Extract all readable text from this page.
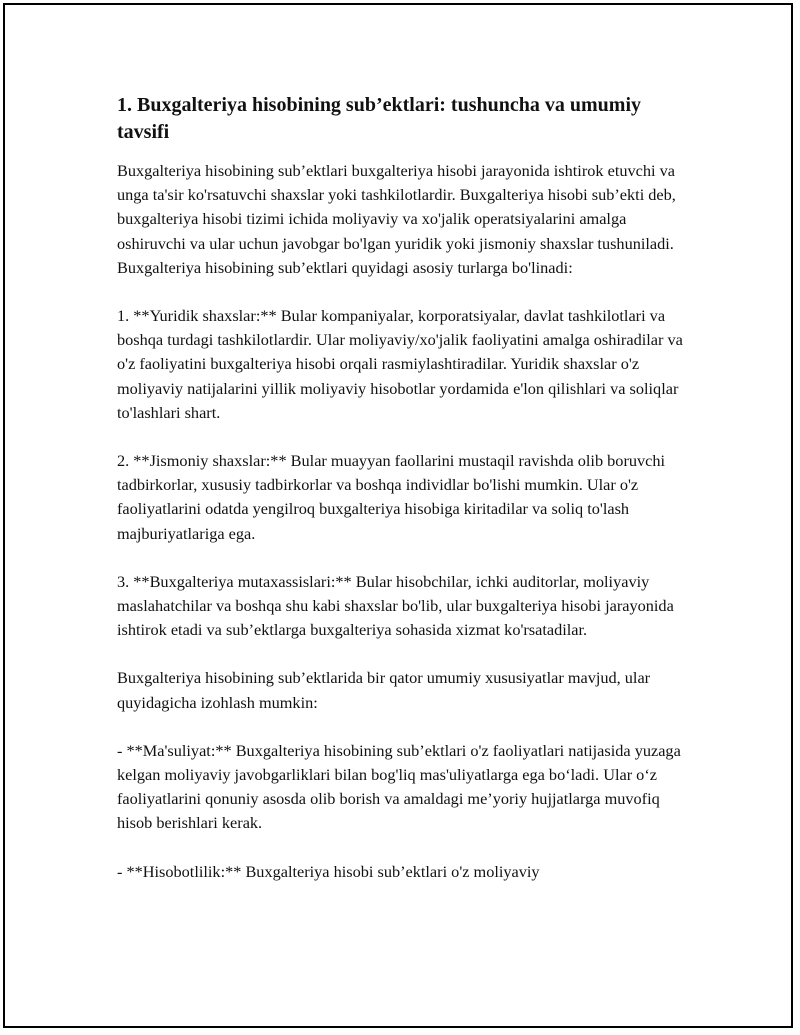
1. Buxgalteriya hisobining sub’ektlari: tushuncha va umumiy tavsifi

Buxgalteriya hisobining sub’ektlari buxgalteriya hisobi jarayonida ishtirok etuvchi va unga ta'sir ko'rsatuvchi shaxslar yoki tashkilotlardir. Buxgalteriya hisobi sub’ekti deb, buxgalteriya hisobi tizimi ichida moliyaviy va xo'jalik operatsiyalarini amalga oshiruvchi va ular uchun javobgar bo'lgan yuridik yoki jismoniy shaxslar tushuniladi. Buxgalteriya hisobining sub’ektlari quyidagi asosiy turlarga bo'linadi:

1. **Yuridik shaxslar:** Bular kompaniyalar, korporatsiyalar, davlat tashkilotlari va boshqa turdagi tashkilotlardir. Ular moliyaviy/xo'jalik faoliyatini amalga oshiradilar va o'z faoliyatini buxgalteriya hisobi orqali rasmiylashtiradilar. Yuridik shaxslar o'z moliyaviy natijalarini yillik moliyaviy hisobotlar yordamida e'lon qilishlari va soliqlar to'lashlari shart.

2. **Jismoniy shaxslar:** Bular muayyan faollarini mustaqil ravishda olib boruvchi tadbirkorlar, xususiy tadbirkorlar va boshqa individlar bo'lishi mumkin. Ular o'z faoliyatlarini odatda yengilroq buxgalteriya hisobiga kiritadilar va soliq to'lash majburiyatlariga ega.

3. **Buxgalteriya mutaxassislari:** Bular hisobchilar, ichki auditorlar, moliyaviy maslahatchilar va boshqa shu kabi shaxslar bo'lib, ular buxgalteriya hisobi jarayonida ishtirok etadi va sub’ektlarga buxgalteriya sohasida xizmat ko'rsatadilar.

Buxgalteriya hisobining sub’ektlarida bir qator umumiy xususiyatlar mavjud, ular quyidagicha izohlash mumkin:

- **Ma'suliyat:** Buxgalteriya hisobining sub’ektlari o'z faoliyatlari natijasida yuzaga kelgan moliyaviy javobgarliklari bilan bog'liq mas'uliyatlarga ega bo‘ladi. Ular o‘z faoliyatlarini qonuniy asosda olib borish va amaldagi me’yoriy hujjatlarga muvofiq hisob berishlari kerak.

- **Hisobotlilik:** Buxgalteriya hisobi sub’ektlari o'z moliyaviy
